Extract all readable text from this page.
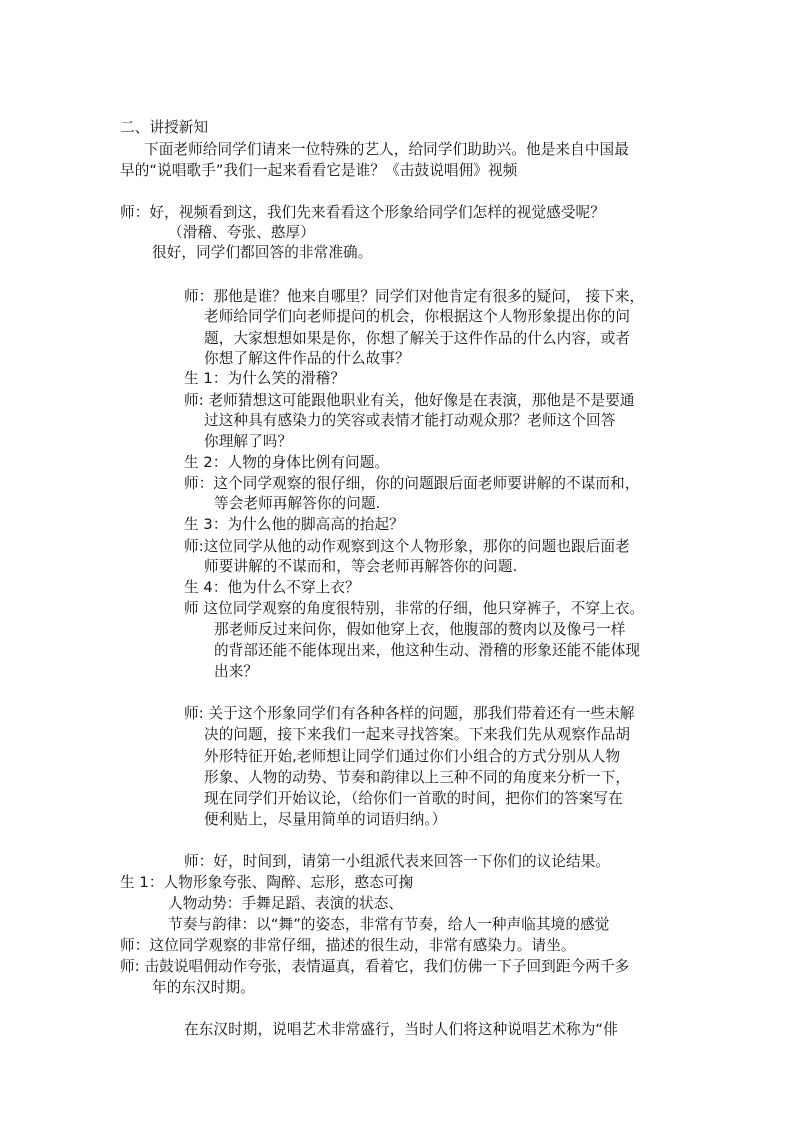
二、讲授新知
下面老师给同学们请来一位特殊的艺人，给同学们助助兴。他是来自中国最
早的“说唱歌手”我们一起来看看它是谁？《击鼓说唱佣》视频
师：好，视频看到这，我们先来看看这个形象给同学们怎样的视觉感受呢？
（滑稽、夸张、憨厚）
很好，同学们都回答的非常准确。
师：那他是谁？他来自哪里？同学们对他肯定有很多的疑问， 接下来，
老师给同学们向老师提问的机会，你根据这个人物形象提出你的问
题，大家想想如果是你，你想了解关于这件作品的什么内容，或者
你想了解这件作品的什么故事？
生 1：为什么笑的滑稽？
师: 老师猜想这可能跟他职业有关，他好像是在表演，那他是不是要通
过这种具有感染力的笑容或表情才能打动观众那？老师这个回答
你理解了吗？
生 2：人物的身体比例有问题。
师：这个同学观察的很仔细，你的问题跟后面老师要讲解的不谋而和，
等会老师再解答你的问题.
生 3：为什么他的脚高高的抬起？
师:这位同学从他的动作观察到这个人物形象，那你的问题也跟后面老
师要讲解的不谋而和，等会老师再解答你的问题.
生 4：他为什么不穿上衣？
师 这位同学观察的角度很特别，非常的仔细，他只穿裤子，不穿上衣。
那老师反过来问你，假如他穿上衣，他腹部的赘肉以及像弓一样
的背部还能不能体现出来，他这种生动、滑稽的形象还能不能体现
出来？
师: 关于这个形象同学们有各种各样的问题，那我们带着还有一些未解
决的问题，接下来我们一起来寻找答案。下来我们先从观察作品胡
外形特征开始,老师想让同学们通过你们小组合的方式分别从人物
形象、人物的动势、节奏和韵律以上三种不同的角度来分析一下，
现在同学们开始议论，（给你们一首歌的时间，把你们的答案写在
便利贴上，尽量用简单的词语归纳。）
师：好，时间到，请第一小组派代表来回答一下你们的议论结果。
生 1：人物形象夸张、陶醉、忘形，憨态可掬
人物动势：手舞足蹈、表演的状态、
节奏与韵律：以“舞”的姿态，非常有节奏，给人一种声临其境的感觉
师：这位同学观察的非常仔细，描述的很生动，非常有感染力。请坐。
师: 击鼓说唱佣动作夸张，表情逼真，看着它，我们仿佛一下子回到距今两千多
年的东汉时期。
在东汉时期，说唱艺术非常盛行，当时人们将这种说唱艺术称为“俳
